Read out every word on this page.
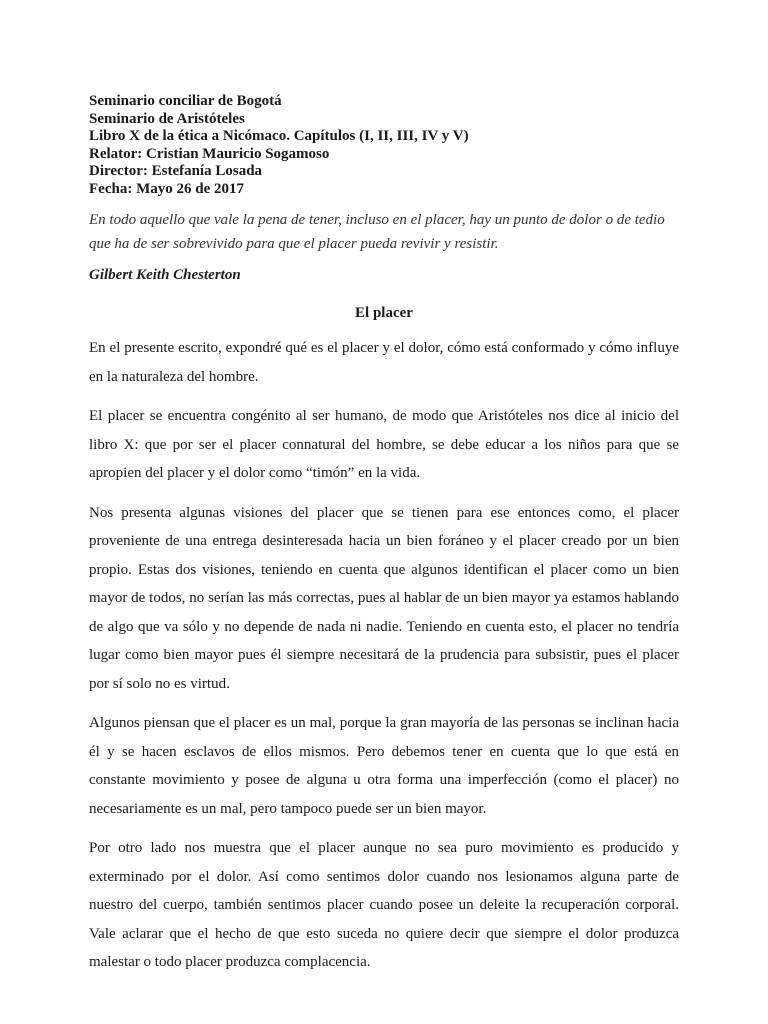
Seminario conciliar de Bogotá

Seminario de Aristóteles

Libro X de la ética a Nicómaco. Capítulos (I, II, III, IV y V)

Relator: Cristian Mauricio Sogamoso

Director: Estefanía Losada

Fecha: Mayo 26 de 2017

En todo aquello que vale la pena de tener, incluso en el placer, hay un punto de dolor o de tedio que ha de ser sobrevivido para que el placer pueda revivir y resistir.

Gilbert Keith Chesterton

El placer

En el presente escrito, expondré qué es el placer y el dolor, cómo está conformado y cómo influye en la naturaleza del hombre.

El placer se encuentra congénito al ser humano, de modo que Aristóteles nos dice al inicio del libro X: que por ser el placer connatural del hombre, se debe educar a los niños para que se apropien del placer y el dolor como “timón” en la vida.

Nos presenta algunas visiones del placer que se tienen para ese entonces como, el placer proveniente de una entrega desinteresada hacia un bien foráneo y el placer creado por un bien propio. Estas dos visiones, teniendo en cuenta que algunos identifican el placer como un bien mayor de todos, no serían las más correctas, pues al hablar de un bien mayor ya estamos hablando de algo que va sólo y no depende de nada ni nadie. Teniendo en cuenta esto, el placer no tendría lugar como bien mayor pues él siempre necesitará de la prudencia para subsistir, pues el placer por sí solo no es virtud.

Algunos piensan que el placer es un mal, porque la gran mayoría de las personas se inclinan hacia él y se hacen esclavos de ellos mismos. Pero debemos tener en cuenta que lo que está en constante movimiento y posee de alguna u otra forma una imperfección (como el placer) no necesariamente es un mal, pero tampoco puede ser un bien mayor.

Por otro lado nos muestra que el placer aunque no sea puro movimiento es producido y exterminado por el dolor. Así como sentimos dolor cuando nos lesionamos alguna parte de nuestro del cuerpo, también sentimos placer cuando posee un deleite la recuperación corporal. Vale aclarar que el hecho de que esto suceda no quiere decir que siempre el dolor produzca malestar o todo placer produzca complacencia.
